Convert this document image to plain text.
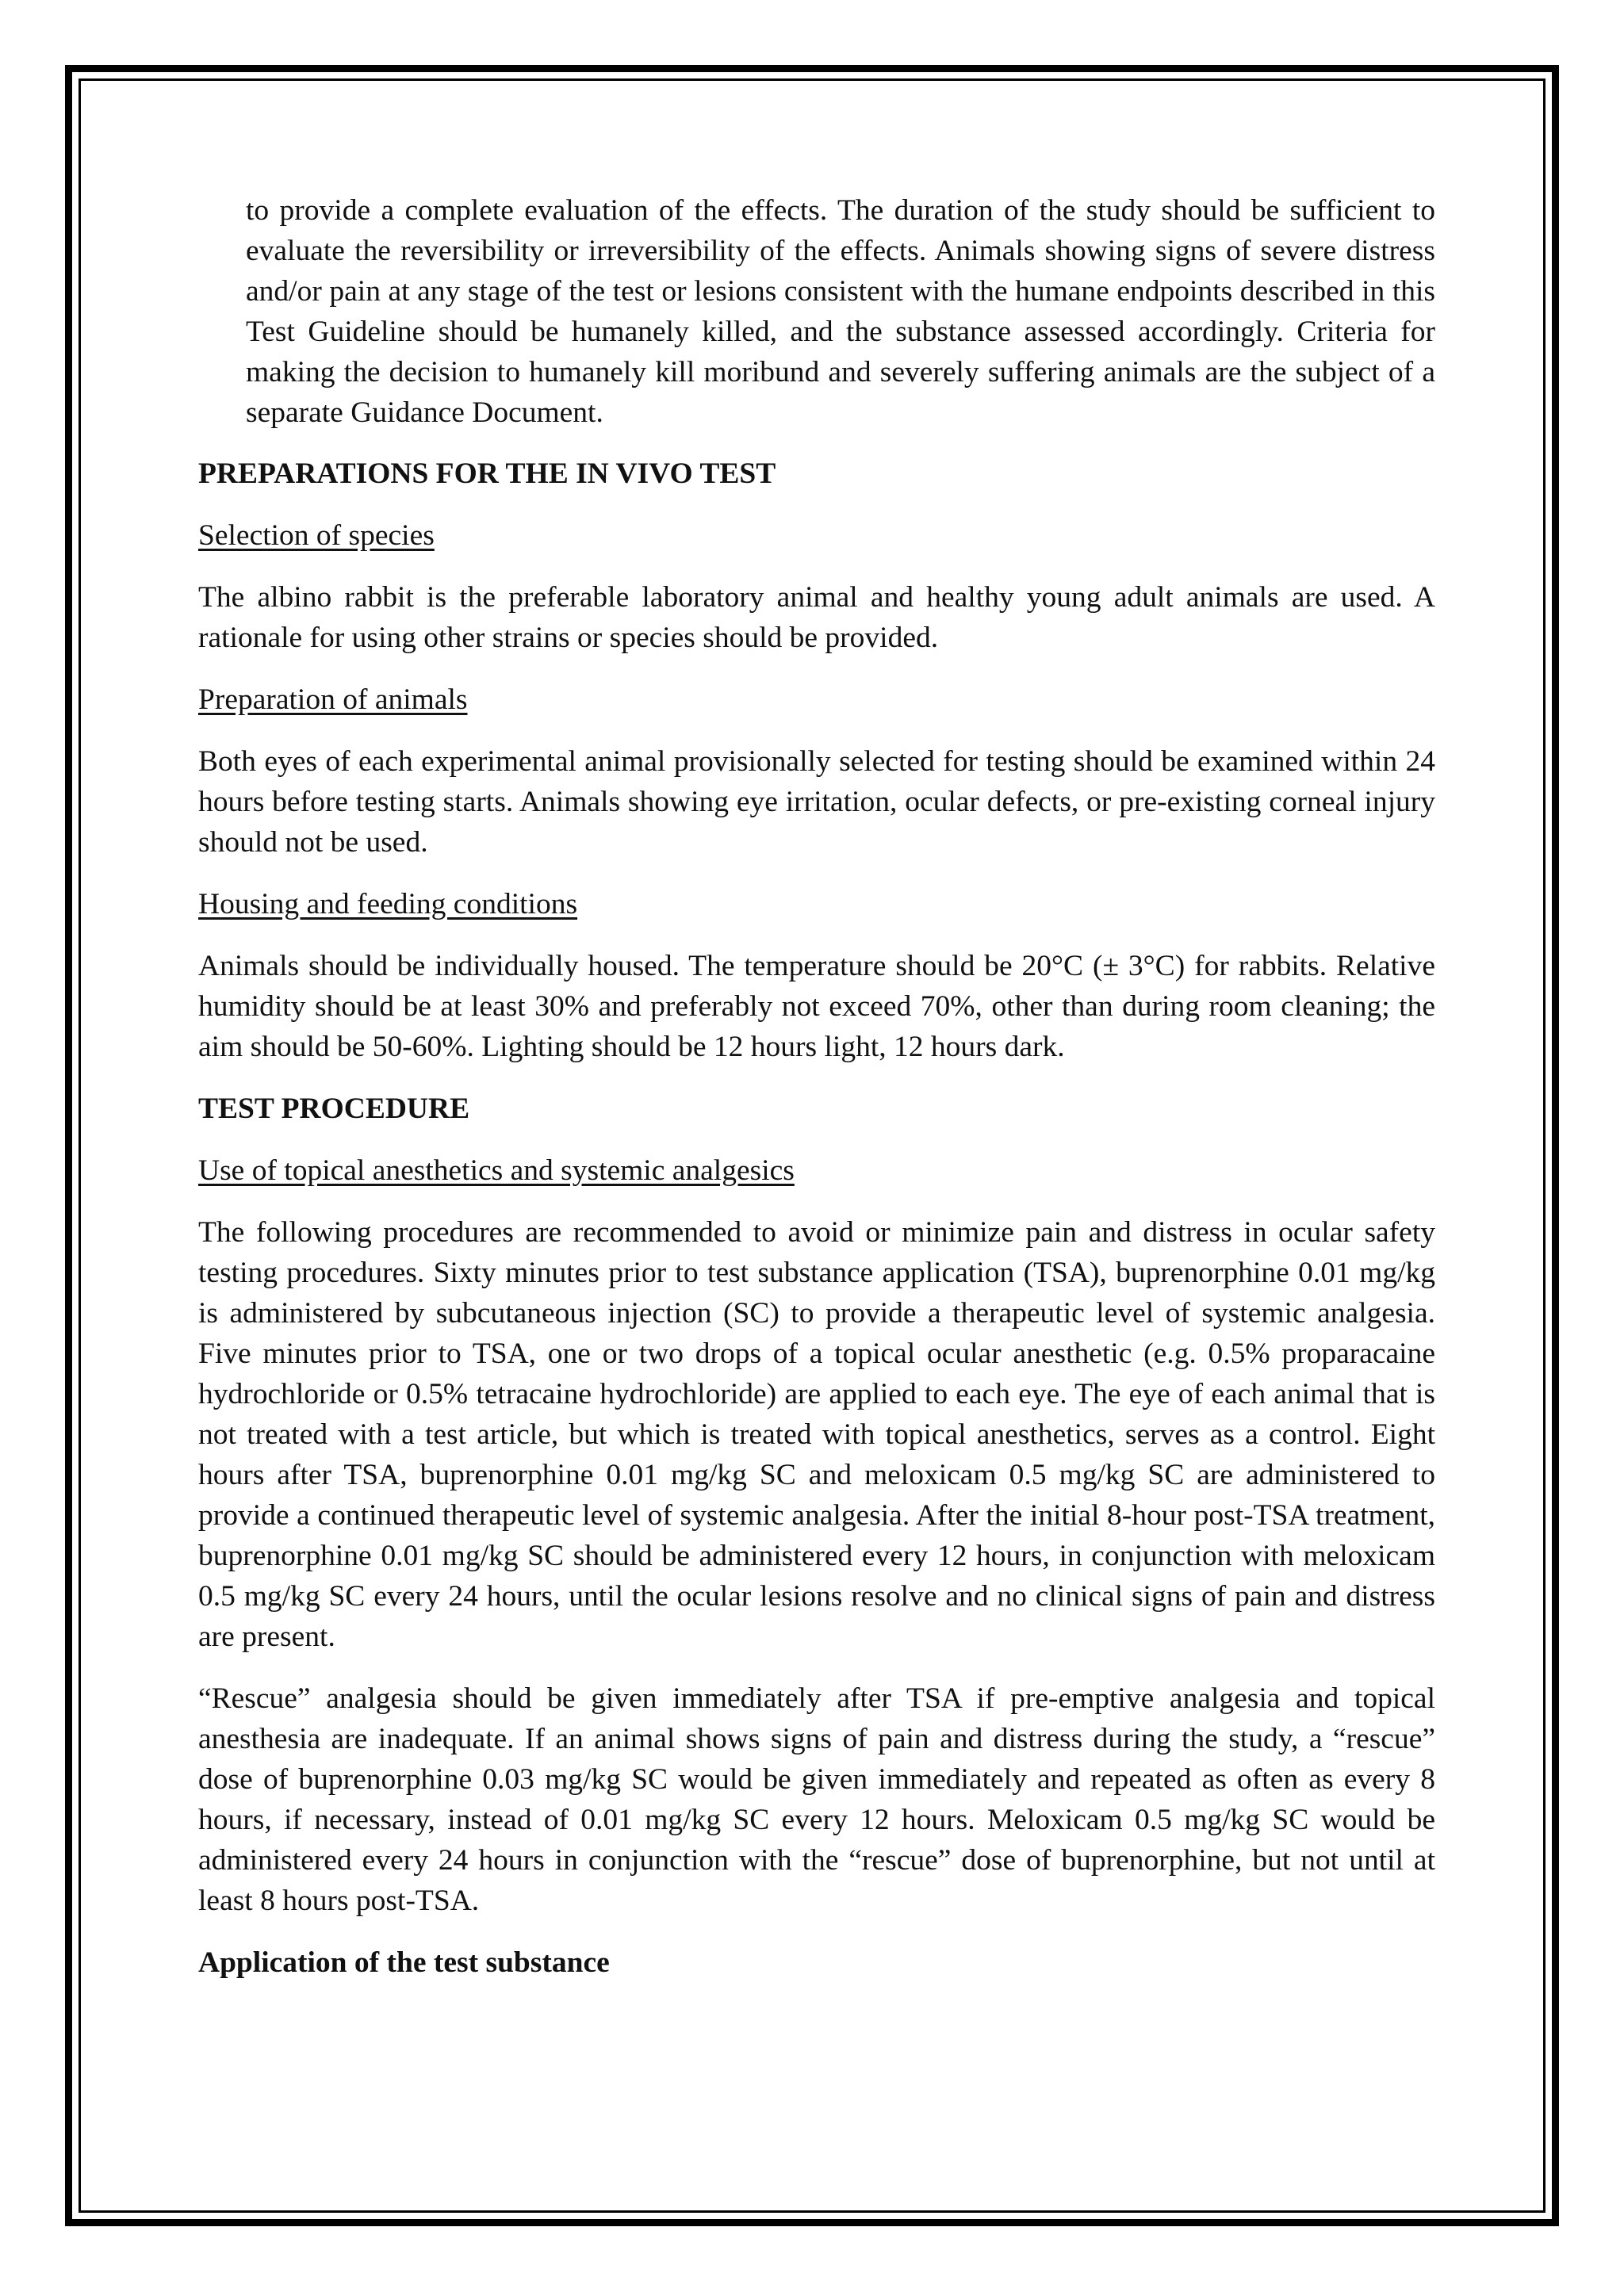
to provide a complete evaluation of the effects. The duration of the study should be sufficient to evaluate the reversibility or irreversibility of the effects. Animals showing signs of severe distress and/or pain at any stage of the test or lesions consistent with the humane endpoints described in this Test Guideline should be humanely killed, and the substance assessed accordingly. Criteria for making the decision to humanely kill moribund and severely suffering animals are the subject of a separate Guidance Document.

PREPARATIONS FOR THE IN VIVO TEST

Selection of species

The albino rabbit is the preferable laboratory animal and healthy young adult animals are used. A rationale for using other strains or species should be provided.

Preparation of animals

Both eyes of each experimental animal provisionally selected for testing should be examined within 24 hours before testing starts. Animals showing eye irritation, ocular defects, or pre-existing corneal injury should not be used.

Housing and feeding conditions

Animals should be individually housed. The temperature should be 20°C (± 3°C) for rabbits. Relative humidity should be at least 30% and preferably not exceed 70%, other than during room cleaning; the aim should be 50-60%. Lighting should be 12 hours light, 12 hours dark.

TEST PROCEDURE

Use of topical anesthetics and systemic analgesics

The following procedures are recommended to avoid or minimize pain and distress in ocular safety testing procedures. Sixty minutes prior to test substance application (TSA), buprenorphine 0.01 mg/kg is administered by subcutaneous injection (SC) to provide a therapeutic level of systemic analgesia. Five minutes prior to TSA, one or two drops of a topical ocular anesthetic (e.g. 0.5% proparacaine hydrochloride or 0.5% tetracaine hydrochloride) are applied to each eye. The eye of each animal that is not treated with a test article, but which is treated with topical anesthetics, serves as a control. Eight hours after TSA, buprenorphine 0.01 mg/kg SC and meloxicam 0.5 mg/kg SC are administered to provide a continued therapeutic level of systemic analgesia. After the initial 8-hour post-TSA treatment, buprenorphine 0.01 mg/kg SC should be administered every 12 hours, in conjunction with meloxicam 0.5 mg/kg SC every 24 hours, until the ocular lesions resolve and no clinical signs of pain and distress are present.

“Rescue” analgesia should be given immediately after TSA if pre-emptive analgesia and topical anesthesia are inadequate. If an animal shows signs of pain and distress during the study, a “rescue” dose of buprenorphine 0.03 mg/kg SC would be given immediately and repeated as often as every 8 hours, if necessary, instead of 0.01 mg/kg SC every 12 hours. Meloxicam 0.5 mg/kg SC would be administered every 24 hours in conjunction with the “rescue” dose of buprenorphine, but not until at least 8 hours post-TSA.

Application of the test substance
